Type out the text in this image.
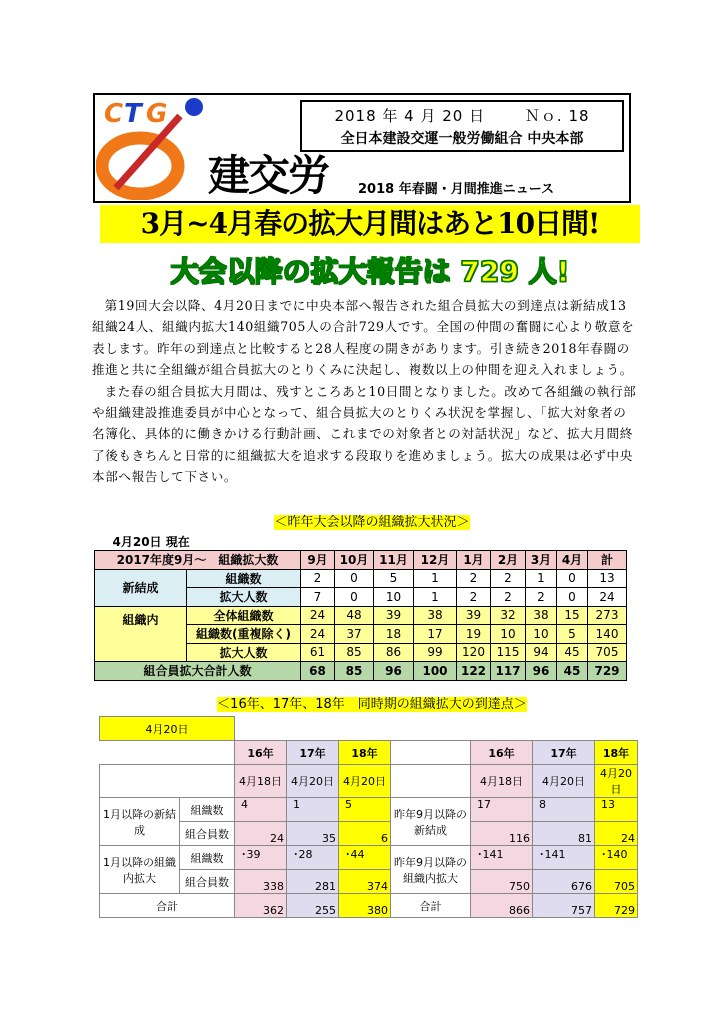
C T G	2018 年 4 月 20 日	Ｎｏ. 18
全日本建設交運一般労働組合 中央本部
建交労 2018 年春闘・月間推進ニュース
3月~4月春の拡大月間はあと10日間!
大会以降の拡大報告は 729 人!

第19回大会以降、4月20日までに中央本部へ報告された組合員拡大の到達点は新結成13組織24人、組織内拡大140組織705人の合計729人です。全国の仲間の奮闘に心より敬意を表します。昨年の到達点と比較すると28人程度の開きがあります。引き続き2018年春闘の推進と共に全組織が組合員拡大のとりくみに決起し、複数以上の仲間を迎え入れましょう。

また春の組合員拡大月間は、残すところあと10日間となりました。改めて各組織の執行部や組織建設推進委員が中心となって、組合員拡大のとりくみ状況を掌握し、「拡大対象者の名簿化、具体的に働きかける行動計画、これまでの対象者との対話状況」など、拡大月間終了後もきちんと日常的に組織拡大を追求する段取りを進めましょう。拡大の成果は必ず中央本部へ報告して下さい。

＜昨年大会以降の組織拡大状況＞
4月20日 現在										
2017年度9月～　組織拡大数		9月	10月	11月	12月	1月	2月	3月	4月	計
新結成	組織数	2	0	5	1	2	2	1	0	13
	拡大人数	7	0	10	1	2	2	2	0	24
組織内	全体組織数	24	48	39	38	39	32	38	15	273
	組織数(重複除く)	24	37	18	17	19	10	10	5	140
	拡大人数	61	85	86	99	120	115	94	45	705
組合員拡大合計人数		68	85	96	100	122	117	96	45	729
＜16年、17年、18年　同時期の組織拡大の到達点＞
4月20日								
		16年	17年	18年		16年	17年	18年
		4月18日	4月20日	4月20日		4月18日	4月20日	4月20日
1月以降の新結成	組織数	4	1	5	昨年9月以降の新結成	17	8	13
	組合員数	24	35	6		116	81	24
1月以降の組織内拡大	組織数	･39	･28	･44	昨年9月以降の組織内拡大	･141	･141	･140
	組合員数	338	281	374		750	676	705
合計		362	255	380	合計	866	757	729
